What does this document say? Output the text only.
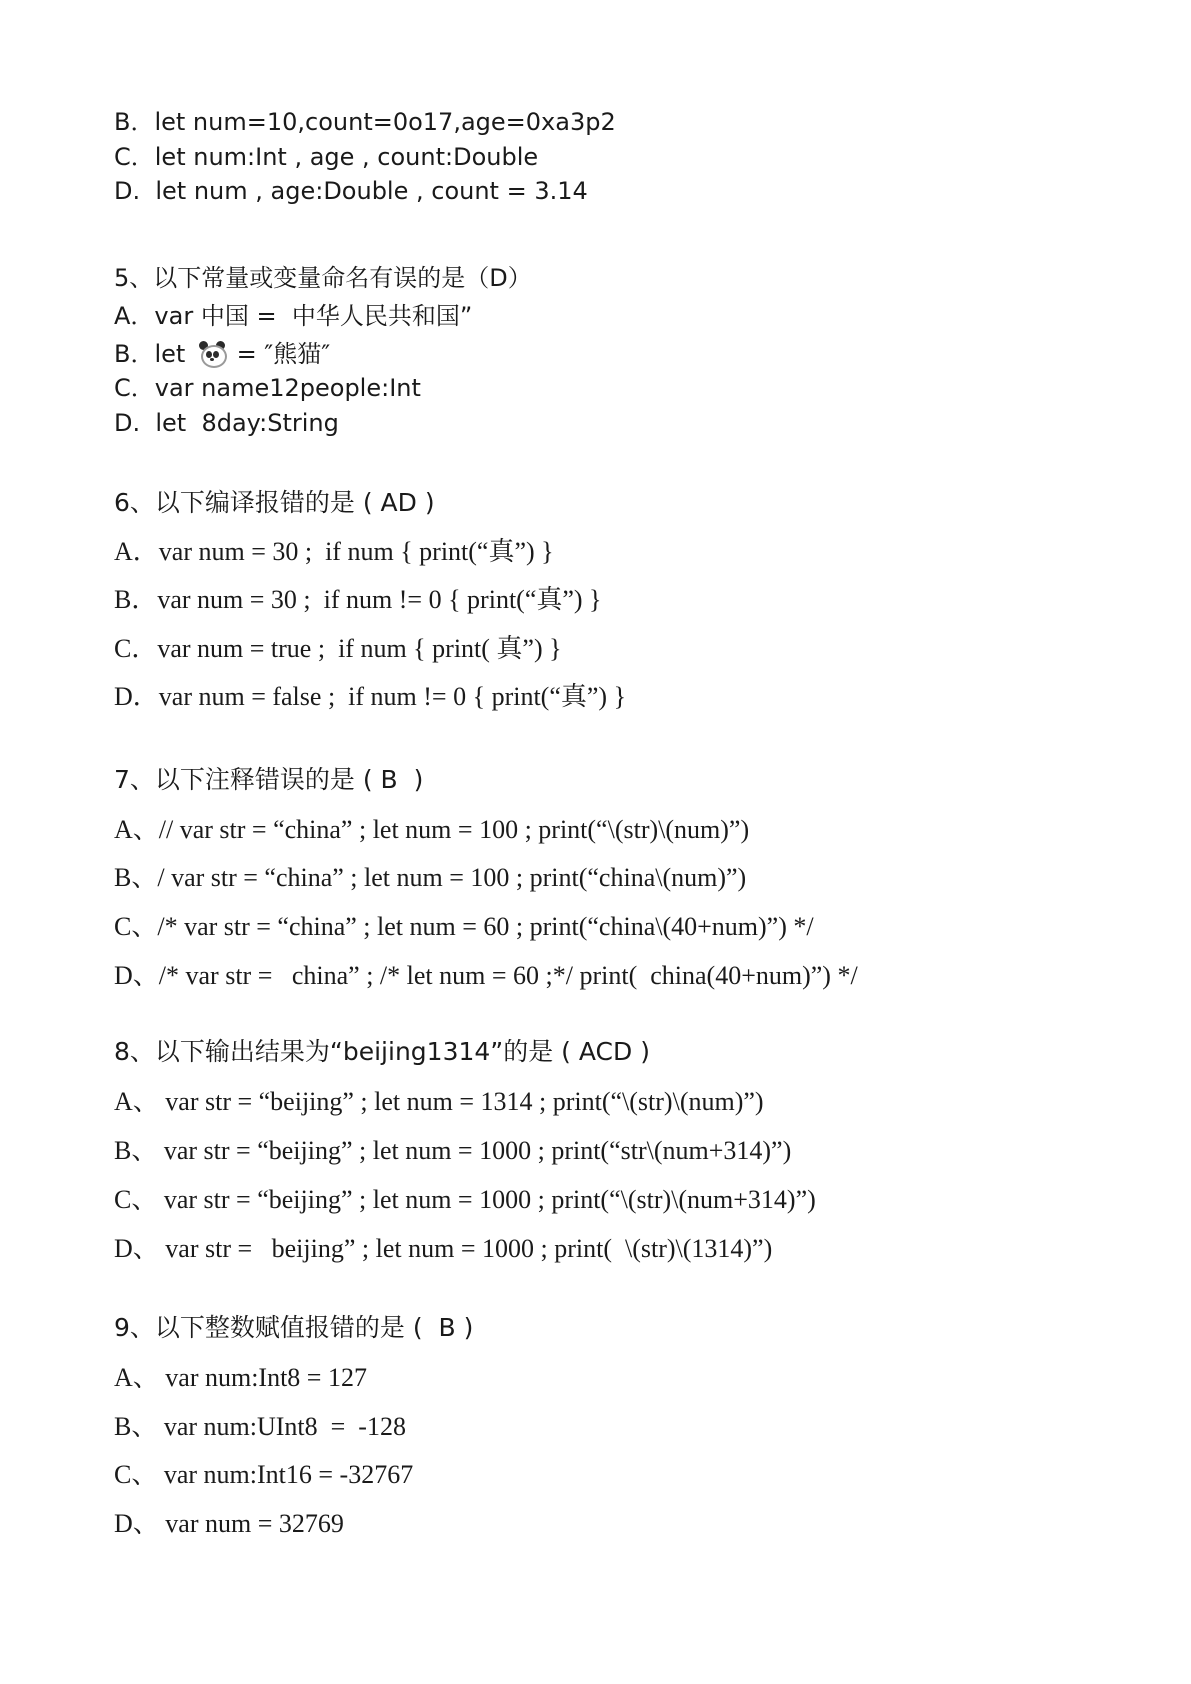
B．let num=10,count=0o17,age=0xa3p2
C．let num:Int , age , count:Double
D.  let num , age:Double , count = 3.14
5、以下常量或变量命名有误的是（D）
A．var 中国 =  中华人民共和国”
B．let
= ″熊猫″
C．var name12people:Int
D.  let  8day:String
6、以下编译报错的是 ( AD )
A．var num = 30 ;  if num { print(“真”) }
B．var num = 30 ;  if num != 0 { print(“真”) }
C．var num = true ;  if num { print( 真”) }
D．var num = false ;  if num != 0 { print(“真”) }
7、以下注释错误的是 ( B  )
A、// var str = “china” ; let num = 100 ; print(“\(str)\(num)”)
B、/ var str = “china” ; let num = 100 ; print(“china\(num)”)
C、/* var str = “china” ; let num = 60 ; print(“china\(40+num)”) */
D、/* var str =   china” ; /* let num = 60 ;*/ print(  china(40+num)”) */
8、以下输出结果为“beijing1314”的是 ( ACD )
A、 var str = “beijing” ; let num = 1314 ; print(“\(str)\(num)”)
B、 var str = “beijing” ; let num = 1000 ; print(“str\(num+314)”)
C、 var str = “beijing” ; let num = 1000 ; print(“\(str)\(num+314)”)
D、 var str =   beijing” ; let num = 1000 ; print(  \(str)\(1314)”)
9、以下整数赋值报错的是 (  B )
A、 var num:Int8 = 127
B、 var num:UInt8  =  -128
C、 var num:Int16 = -32767
D、 var num = 32769
